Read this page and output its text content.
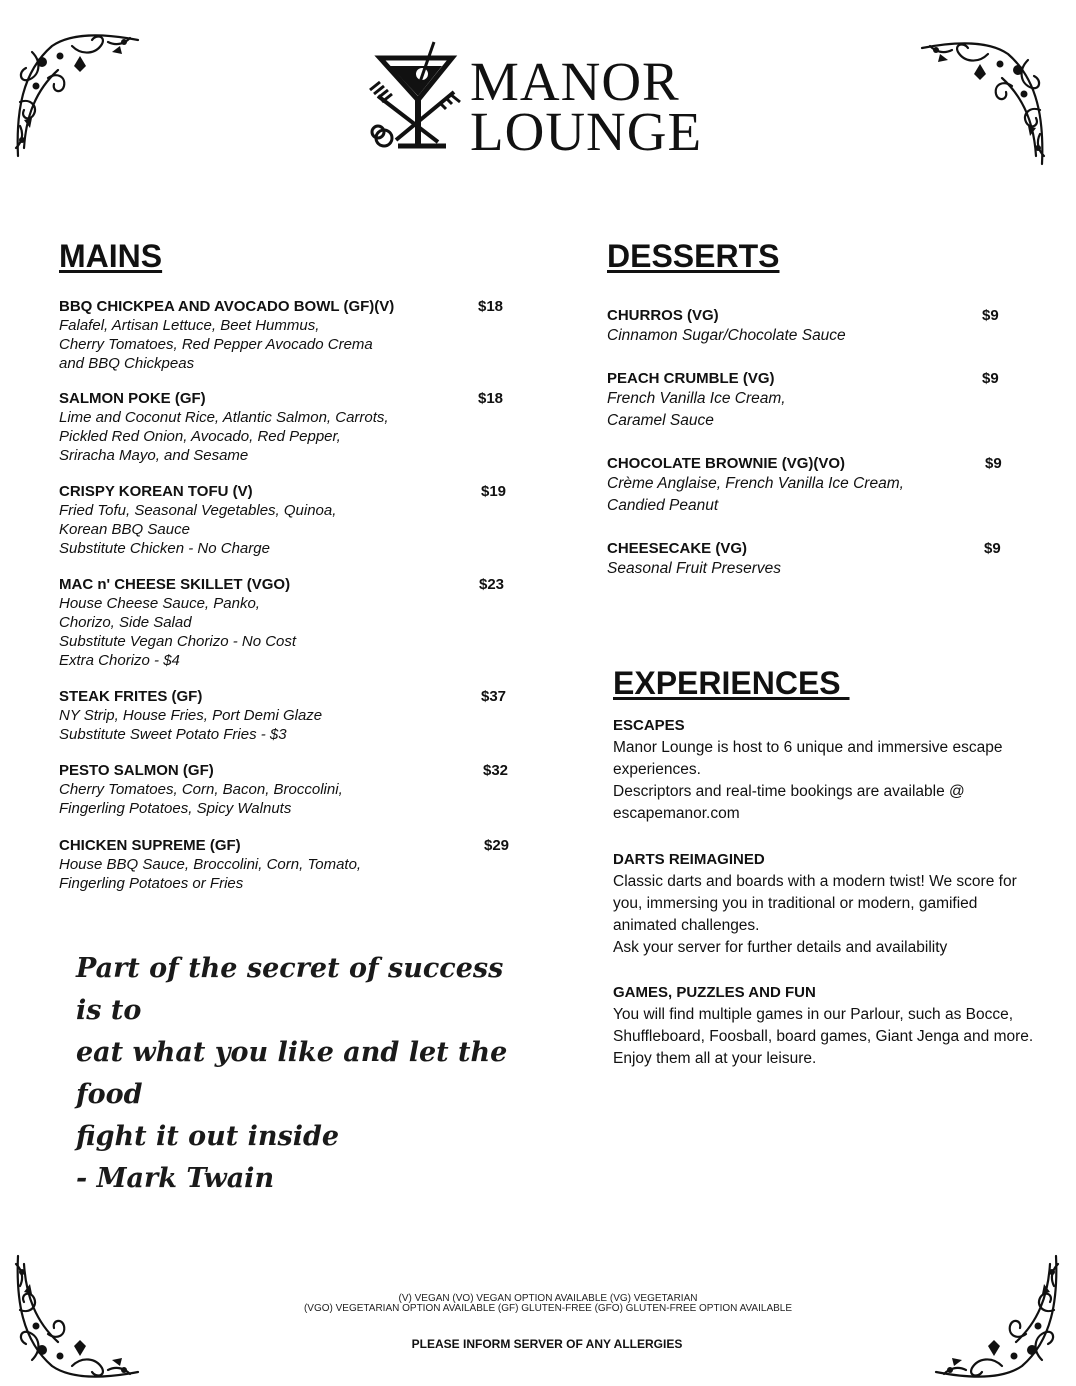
MANOR
LOUNGE
MAINS
BBQ CHICKPEA AND AVOCADO BOWL (GF)(V)	$18
Falafel, Artisan Lettuce, Beet Hummus,
Cherry Tomatoes, Red Pepper Avocado Crema
and BBQ Chickpeas
SALMON POKE (GF)	$18
Lime and Coconut Rice, Atlantic Salmon, Carrots,
Pickled Red Onion, Avocado, Red Pepper,
Sriracha Mayo, and Sesame
CRISPY KOREAN TOFU (V)	$19
Fried Tofu, Seasonal Vegetables, Quinoa,
Korean BBQ Sauce
Substitute Chicken - No Charge
MAC n' CHEESE SKILLET (VGO)	$23
House Cheese Sauce, Panko,
Chorizo, Side Salad
Substitute Vegan Chorizo - No Cost
Extra Chorizo - $4
STEAK FRITES (GF)	$37
NY Strip, House Fries, Port Demi Glaze
Substitute Sweet Potato Fries - $3
PESTO SALMON (GF)	$32
Cherry Tomatoes, Corn, Bacon, Broccolini,
Fingerling Potatoes, Spicy Walnuts
CHICKEN SUPREME (GF)	$29
House BBQ Sauce, Broccolini, Corn, Tomato,
Fingerling Potatoes or Fries
DESSERTS
CHURROS (VG)	$9
Cinnamon Sugar/Chocolate Sauce
PEACH CRUMBLE (VG)	$9
French Vanilla Ice Cream,
Caramel Sauce
CHOCOLATE BROWNIE (VG)(VO)	$9
Crème Anglaise, French Vanilla Ice Cream,
Candied Peanut
CHEESECAKE (VG)	$9
Seasonal Fruit Preserves
EXPERIENCES
ESCAPES
Manor Lounge is host to 6 unique and immersive escape
experiences.
Descriptors and real-time bookings are available @
escapemanor.com
DARTS REIMAGINED
Classic darts and boards with a modern twist! We score for
you, immersing you in traditional or modern, gamified
animated challenges.
Ask your server for further details and availability
GAMES, PUZZLES AND FUN
You will find multiple games in our Parlour, such as Bocce,
Shuffleboard, Foosball, board games, Giant Jenga and more.
Enjoy them all at your leisure.
Part of the secret of success is to
eat what you like and let the food
fight it out inside
- Mark Twain
(V) VEGAN (VO) VEGAN OPTION AVAILABLE (VG) VEGETARIAN
(VGO) VEGETARIAN OPTION AVAILABLE (GF) GLUTEN-FREE (GFO) GLUTEN-FREE OPTION AVAILABLE
PLEASE INFORM SERVER OF ANY ALLERGIES
